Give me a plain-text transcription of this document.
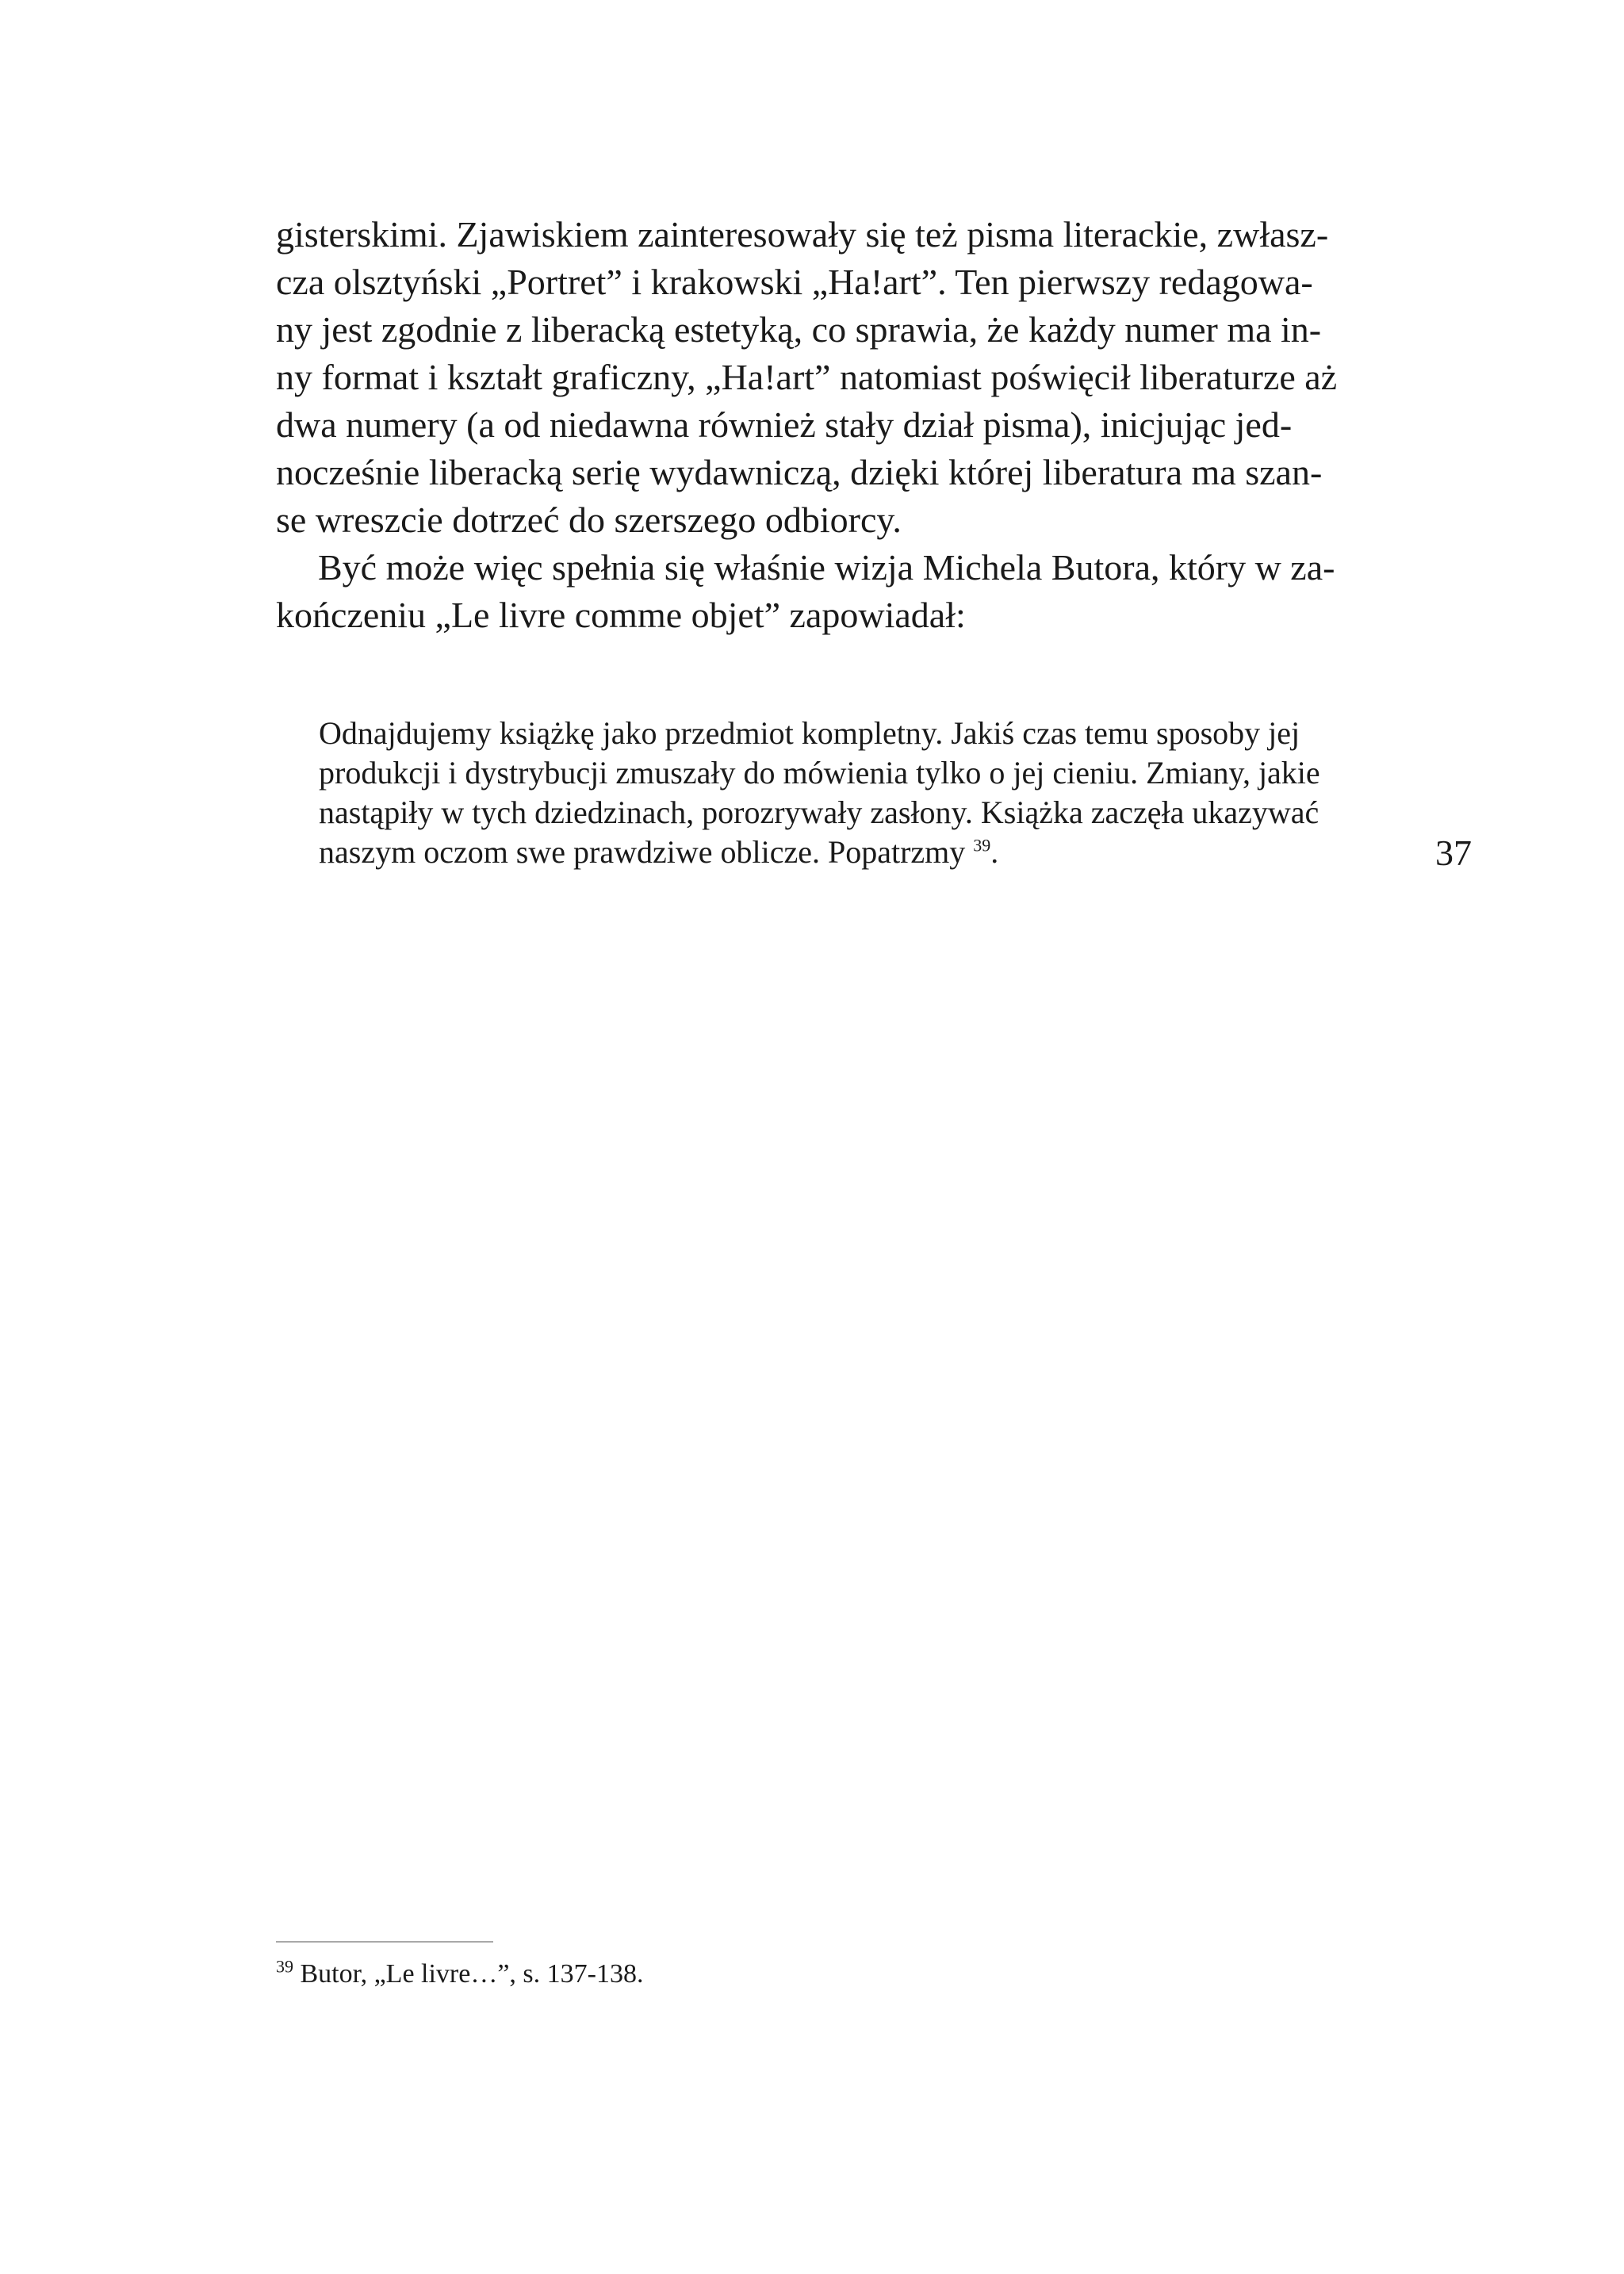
gisterskimi. Zjawiskiem zainteresowały się też pisma literackie, zwłasz-
cza olsztyński „Portret” i krakowski „Ha!art”. Ten pierwszy redagowa-
ny jest zgodnie z liberacką estetyką, co sprawia, że każdy numer ma in-
ny format i kształt graficzny, „Ha!art” natomiast poświęcił liberaturze aż
dwa numery (a od niedawna również stały dział pisma), inicjując jed-
nocześnie liberacką serię wydawniczą, dzięki której liberatura ma szan-
se wreszcie dotrzeć do szerszego odbiorcy.
Być może więc spełnia się właśnie wizja Michela Butora, który w za-
kończeniu „Le livre comme objet” zapowiadał:
Odnajdujemy książkę jako przedmiot kompletny. Jakiś czas temu sposoby jej
produkcji i dystrybucji zmuszały do mówienia tylko o jej cieniu. Zmiany, jakie
nastąpiły w tych dziedzinach, porozrywały zasłony. Książka zaczęła ukazywać
naszym oczom swe prawdziwe oblicze. Popatrzmy $^{39}$.	37
$^{39}$ Butor, „Le livre…”, s. 137-138.
